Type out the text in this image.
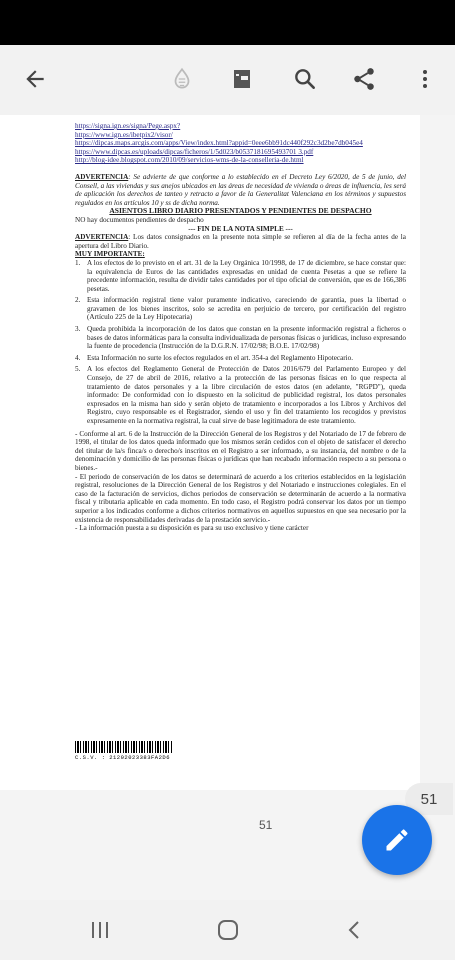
https://signa.ign.es/signa/Pege.aspx?

https://www.ign.es/ibetpix2/visor/

https://dipcas.maps.arcgis.com/apps/View/index.html?appid=0eee6bb91dc440f292c3d2be7db045e4

https://www.dipcas.es/uploads/dipcas/ficheros/1/5d023/b0537181695493701 3.pdf

http://blog-idee.blogspot.com/2010/09/servicios-wms-de-la-conselleria-de.html

ADVERTENCIA: Se advierte de que conforme a lo establecido en el Decreto Ley 6/2020, de 5 de junio, del Consell, a las viviendas y sus anejos ubicados en las áreas de necesidad de vivienda o áreas de influencia, les será de aplicación los derechos de tanteo y retracto a favor de la Generalitat Valenciana en los términos y supuestos regulados en los artículos 10 y ss de dicha norma.

ASIENTOS LIBRO DIARIO PRESENTADOS Y PENDIENTES DE DESPACHO

NO hay documentos pendientes de despacho

--- FIN DE LA NOTA SIMPLE ---

ADVERTENCIA: Los datos consignados en la presente nota simple se refieren al día de la fecha antes de la apertura del Libro Diario.

MUY IMPORTANTE:

1. A los efectos de lo previsto en el art. 31 de la Ley Orgánica 10/1998, de 17 de diciembre, se hace constar que: la equivalencia de Euros de las cantidades expresadas en unidad de cuenta Pesetas a que se refiere la precedente información, resulta de dividir tales cantidades por el tipo oficial de conversión, que es de 166,386 pesetas.
2. Esta información registral tiene valor puramente indicativo, careciendo de garantía, pues la libertad o gravamen de los bienes inscritos, solo se acredita en perjuicio de tercero, por certificación del registro (Artículo 225 de la Ley Hipotecaria)
3. Queda prohibida la incorporación de los datos que constan en la presente información registral a ficheros o bases de datos informáticas para la consulta individualizada de personas físicas o jurídicas, incluso expresando la fuente de procedencia (Instrucción de la D.G.R.N. 17/02/98; B.O.E. 17/02/98)
4. Esta Información no surte los efectos regulados en el art. 354-a del Reglamento Hipotecario.
5. A los efectos del Reglamento General de Protección de Datos 2016/679 del Parlamento Europeo y del Consejo, de 27 de abril de 2016, relativo a la protección de las personas físicas en lo que respecta al tratamiento de datos personales y a la libre circulación de estos datos (en adelante, "RGPD"), queda informado: De conformidad con lo dispuesto en la solicitud de publicidad registral, los datos personales expresados en la misma han sido y serán objeto de tratamiento e incorporados a los Libros y Archivos del Registro, cuyo responsable es el Registrador, siendo el uso y fin del tratamiento los recogidos y previstos expresamente en la normativa registral, la cual sirve de base legitimadora de este tratamiento.

- Conforme al art. 6 de la Instrucción de la Dirección General de los Registros y del Notariado de 17 de febrero de 1998, el titular de los datos queda informado que los mismos serán cedidos con el objeto de satisfacer el derecho del titular de la/s finca/s o derecho/s inscritos en el Registro a ser informado, a su instancia, del nombre o de la denominación y domicilio de las personas físicas o jurídicas que han recabado información respecto a su persona o bienes.-

- El periodo de conservación de los datos se determinará de acuerdo a los criterios establecidos en la legislación registral, resoluciones de la Dirección General de los Registros y del Notariado e instrucciones colegiales. En el caso de la facturación de servicios, dichos periodos de conservación se determinarán de acuerdo a la normativa fiscal y tributaria aplicable en cada momento. En todo caso, el Registro podrá conservar los datos por un tiempo superior a los indicados conforme a dichos criterios normativos en aquellos supuestos en que sea necesario por la existencia de responsabilidades derivadas de la prestación servicio.-

- La información puesta a su disposición es para su uso exclusivo y tiene carácter

C.S.V. : 21202023383FA2D6
51
51
